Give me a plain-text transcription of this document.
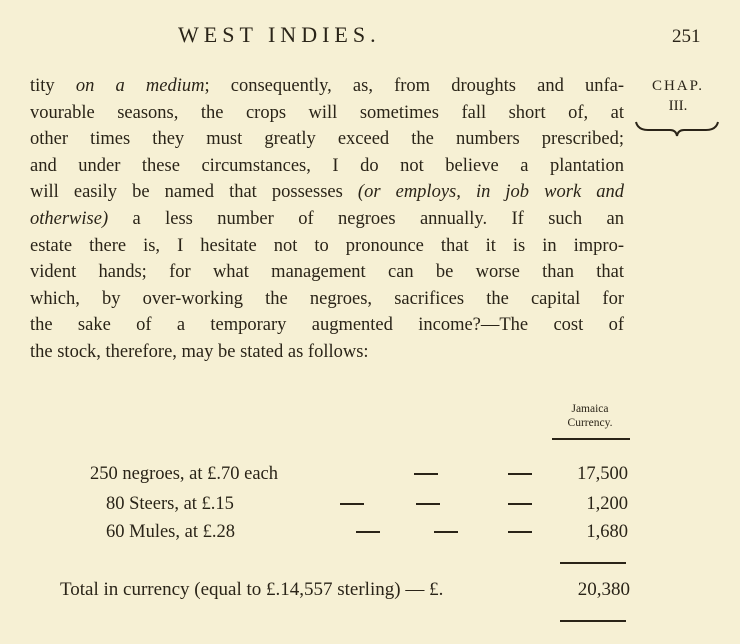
WEST INDIES.	251
CHAP.
III.
tity on a medium; consequently, as, from droughts and unfa-
vourable seasons, the crops will sometimes fall short of, at
other times they must greatly exceed the numbers prescribed;
and under these circumstances, I do not believe a plantation
will easily be named that possesses (or employs, in job work and
otherwise) a less number of negroes annually. If such an
estate there is, I hesitate not to pronounce that it is in impro-
vident hands; for what management can be worse than that
which, by over-working the negroes, sacrifices the capital for
the sake of a temporary augmented income?—The cost of
the stock, therefore, may be stated as follows:
Jamaica
Currency.
250 negroes, at £.70 each	17,500
80 Steers, at £.15	1,200
60 Mules, at £.28	1,680
Total in currency (equal to £.14,557 sterling) — £.	20,380
